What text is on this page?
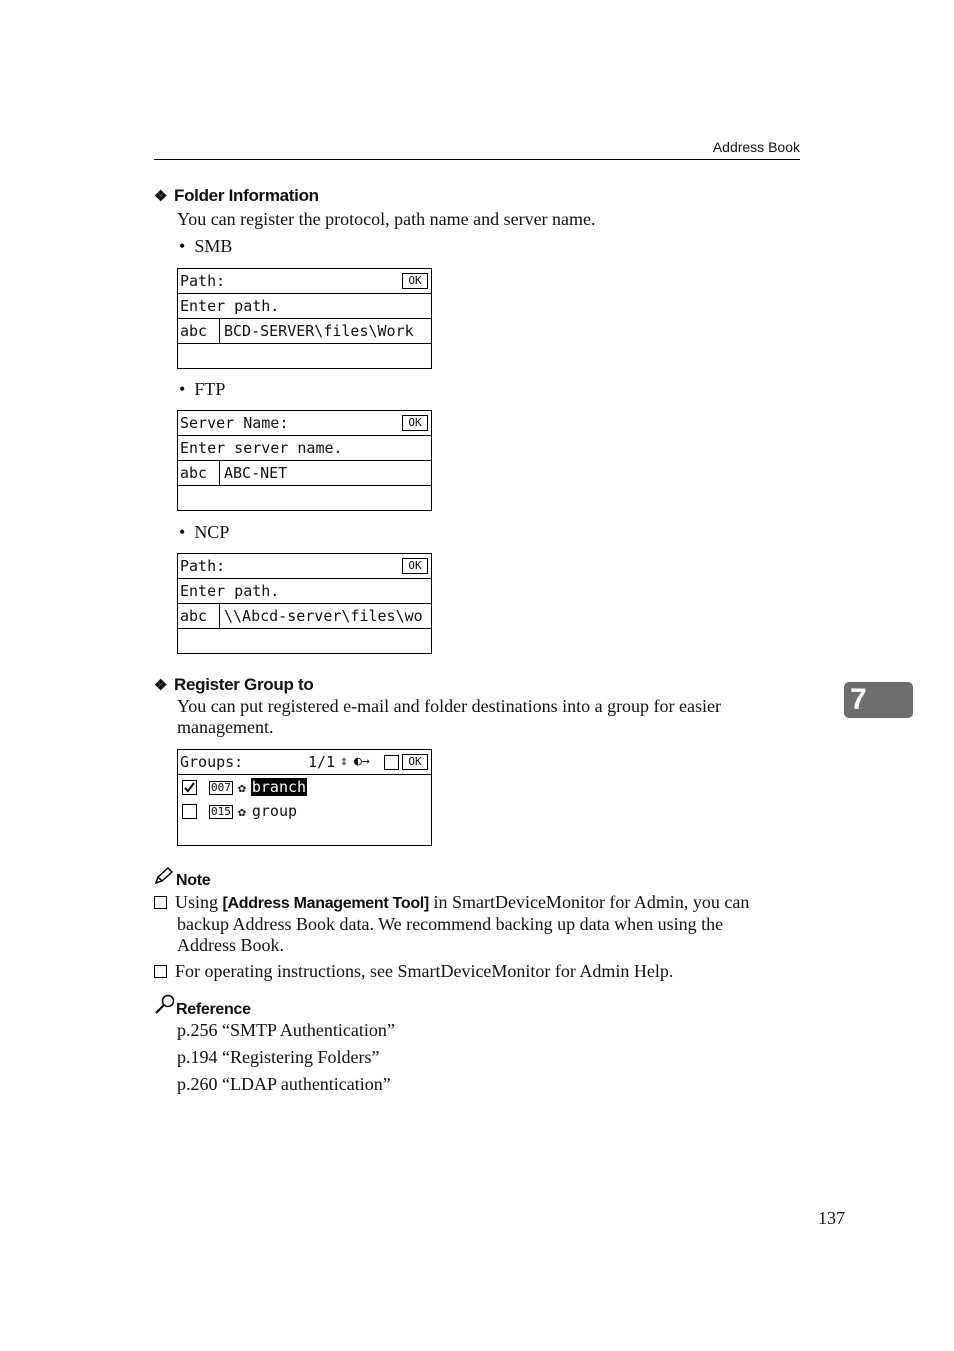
Address Book
❖ Folder Information
You can register the protocol, path name and server name.
• SMB
Path:	OK
Enter path.
abc BCD-SERVER\files\Work
• FTP
Server Name:	OK
Enter server name.
abc ABC-NET
• NCP
Path:	OK
Enter path.
abc \\Abcd-server\files\wo
❖ Register Group to
You can put registered e-mail and folder destinations into a group for easier
management.
7
Groups:	1/1 ⇕ ◐→	OK
007 ✿ branch
015 ✿ group
Note
Using [Address Management Tool] in SmartDeviceMonitor for Admin, you can
backup Address Book data. We recommend backing up data when using the
Address Book.
For operating instructions, see SmartDeviceMonitor for Admin Help.
Reference
p.256 “SMTP Authentication”
p.194 “Registering Folders”
p.260 “LDAP authentication”
137
